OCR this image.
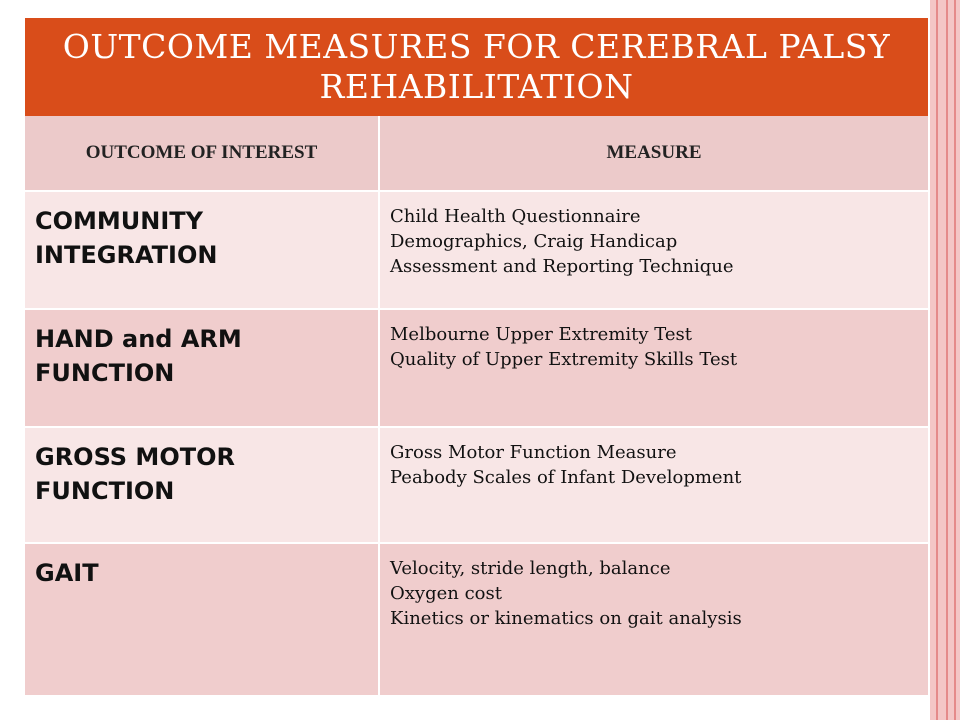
OUTCOME MEASURES FOR CEREBRAL PALSY REHABILITATION	
OUTCOME OF INTEREST	MEASURE
COMMUNITY INTEGRATION	Child Health Questionnaire
Demographics, Craig Handicap
Assessment and Reporting Technique

HAND and ARM FUNCTION	Melbourne Upper Extremity Test
Quality of Upper Extremity Skills Test

GROSS MOTOR FUNCTION	Gross Motor Function Measure
Peabody Scales of Infant Development

GAIT	Velocity, stride length, balance
Oxygen cost
Kinetics or kinematics on gait analysis
